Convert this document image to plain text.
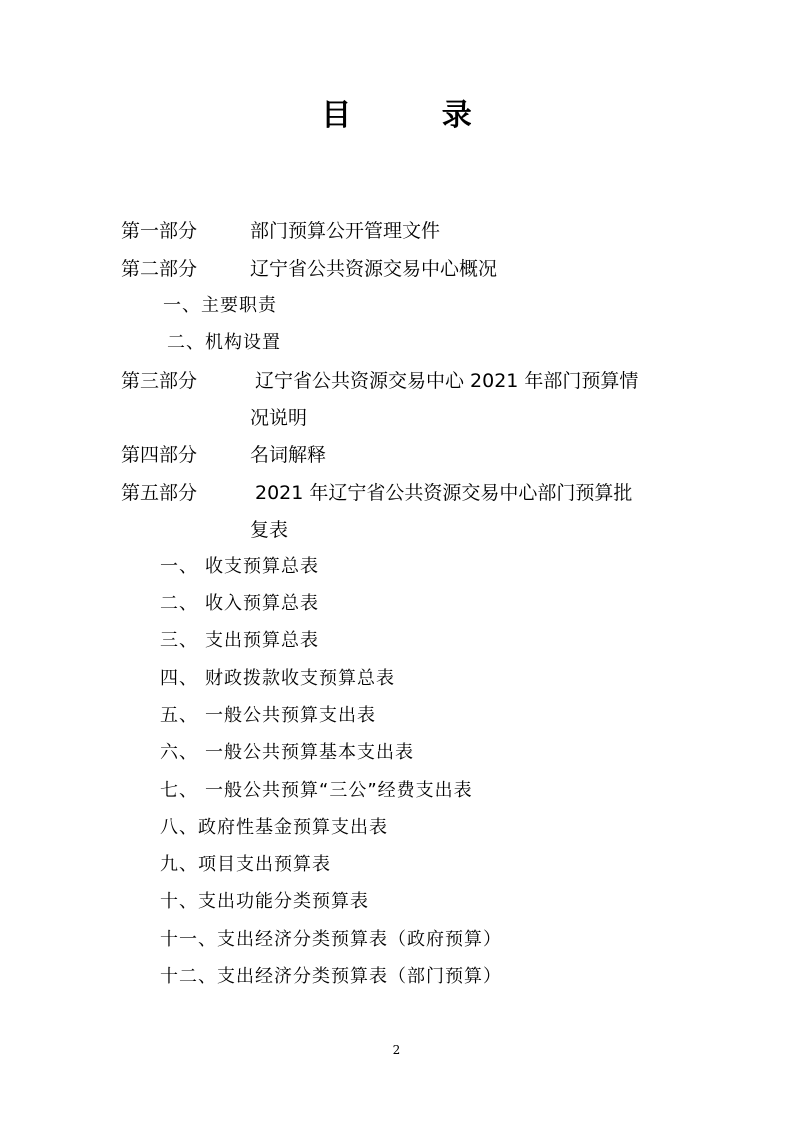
目 录
第一部分	部门预算公开管理文件
第二部分	辽宁省公共资源交易中心概况
一、主要职责
二、机构设置
第三部分	辽宁省公共资源交易中心 2021 年部门预算情
况说明
第四部分	名词解释
第五部分	2021 年辽宁省公共资源交易中心部门预算批
复表
一、 收支预算总表
二、 收入预算总表
三、 支出预算总表
四、 财政拨款收支预算总表
五、 一般公共预算支出表
六、 一般公共预算基本支出表
七、 一般公共预算“三公”经费支出表
八、政府性基金预算支出表
九、项目支出预算表
十、支出功能分类预算表
十一、支出经济分类预算表（政府预算）
十二、支出经济分类预算表（部门预算）
2
